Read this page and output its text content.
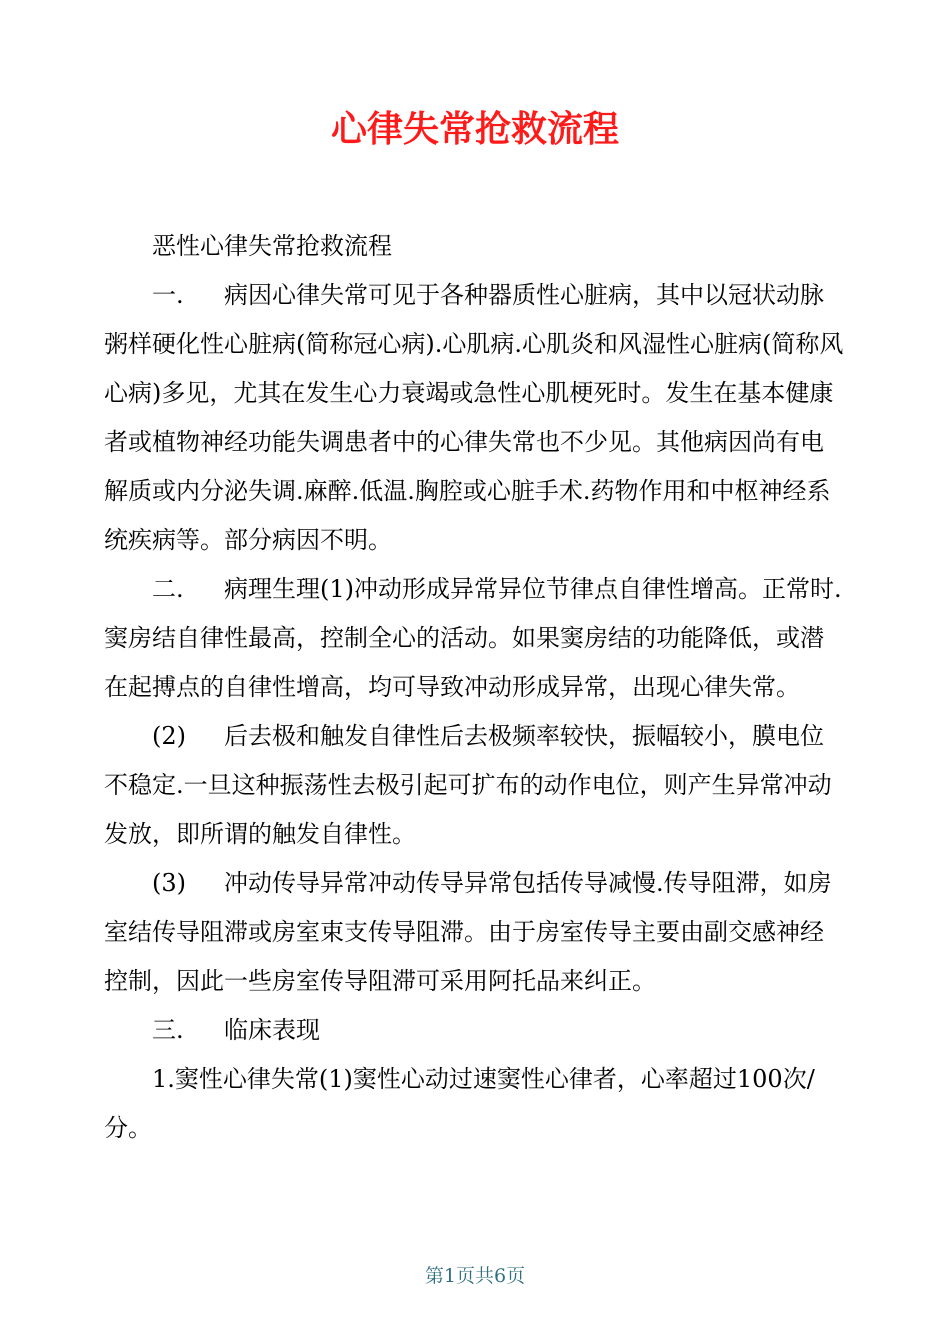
心律失常抢救流程

恶性心律失常抢救流程

一. 病因心律失常可见于各种器质性心脏病，其中以冠状动脉粥样硬化性心脏病(简称冠心病).心肌病.心肌炎和风湿性心脏病(简称风心病)多见，尤其在发生心力衰竭或急性心肌梗死时。发生在基本健康者或植物神经功能失调患者中的心律失常也不少见。其他病因尚有电解质或内分泌失调.麻醉.低温.胸腔或心脏手术.药物作用和中枢神经系统疾病等。部分病因不明。

二. 病理生理(1)冲动形成异常异位节律点自律性增高。正常时.窦房结自律性最高，控制全心的活动。如果窦房结的功能降低，或潜在起搏点的自律性增高，均可导致冲动形成异常，出现心律失常。

(2) 后去极和触发自律性后去极频率较快，振幅较小，膜电位不稳定.一旦这种振荡性去极引起可扩布的动作电位，则产生异常冲动发放，即所谓的触发自律性。

(3) 冲动传导异常冲动传导异常包括传导减慢.传导阻滞，如房室结传导阻滞或房室束支传导阻滞。由于房室传导主要由副交感神经控制，因此一些房室传导阻滞可采用阿托品来纠正。

三. 临床表现

1.窦性心律失常(1)窦性心动过速窦性心律者，心率超过100次/分。

第1页共6页
